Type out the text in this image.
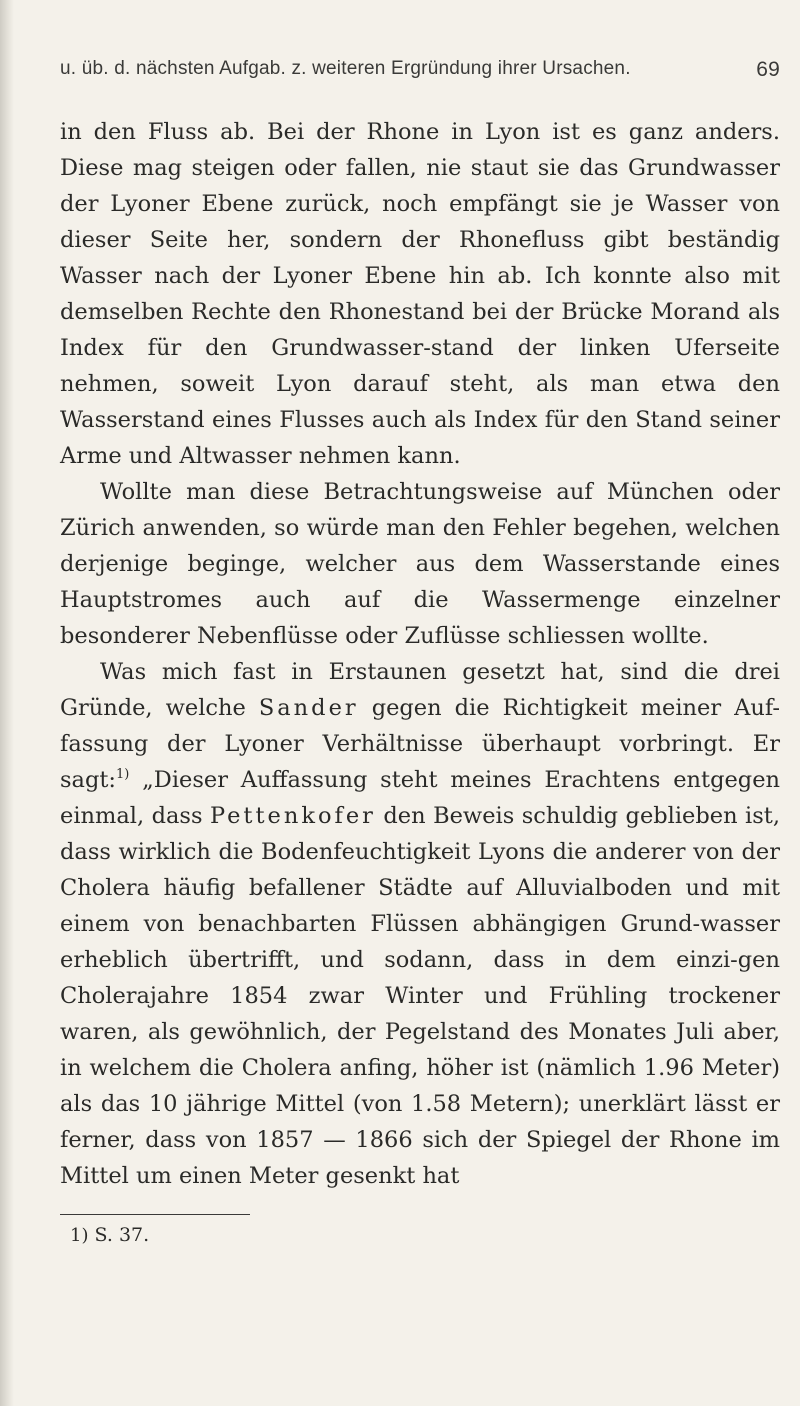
u. üb. d. nächsten Aufgab. z. weiteren Ergründung ihrer Ursachen.	69

in den Fluss ab. Bei der Rhone in Lyon ist es ganz anders. Diese mag steigen oder fallen, nie staut sie das Grundwasser der Lyoner Ebene zurück, noch empfängt sie je Wasser von dieser Seite her, sondern der Rhonefluss gibt beständig Wasser nach der Lyoner Ebene hin ab. Ich konnte also mit demselben Rechte den Rhonestand bei der Brücke Morand als Index für den Grundwasser-stand der linken Uferseite nehmen, soweit Lyon darauf steht, als man etwa den Wasserstand eines Flusses auch als Index für den Stand seiner Arme und Altwasser nehmen kann.

Wollte man diese Betrachtungsweise auf München oder Zürich anwenden, so würde man den Fehler begehen, welchen derjenige beginge, welcher aus dem Wasserstande eines Hauptstromes auch auf die Wassermenge einzelner besonderer Nebenflüsse oder Zuflüsse schliessen wollte.

Was mich fast in Erstaunen gesetzt hat, sind die drei Gründe, welche Sander gegen die Richtigkeit meiner Auf-fassung der Lyoner Verhältnisse überhaupt vorbringt. Er sagt:$^{1)}$ „Dieser Auffassung steht meines Erachtens entgegen einmal, dass Pettenkofer den Beweis schuldig geblieben ist, dass wirklich die Bodenfeuchtigkeit Lyons die anderer von der Cholera häufig befallener Städte auf Alluvialboden und mit einem von benachbarten Flüssen abhängigen Grund-wasser erheblich übertrifft, und sodann, dass in dem einzi-gen Cholerajahre 1854 zwar Winter und Frühling trockener waren, als gewöhnlich, der Pegelstand des Monates Juli aber, in welchem die Cholera anfing, höher ist (nämlich 1.96 Meter) als das 10 jährige Mittel (von 1.58 Metern); unerklärt lässt er ferner, dass von 1857 — 1866 sich der Spiegel der Rhone im Mittel um einen Meter gesenkt hat

1) S. 37.
